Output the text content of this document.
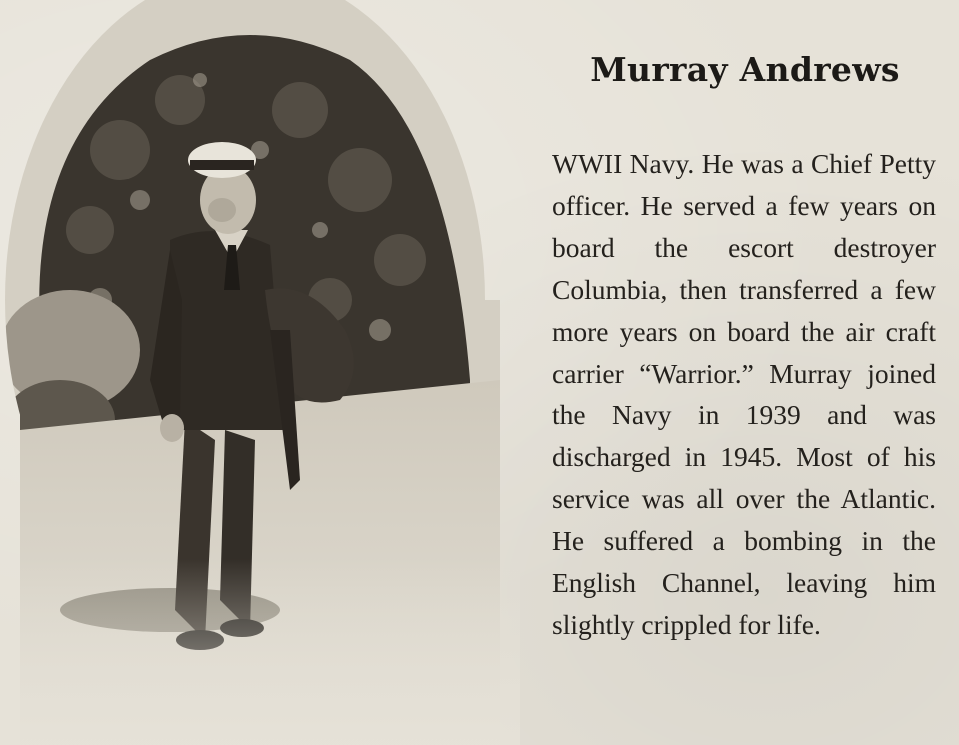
Murray Andrews

WWII Navy. He was a Chief Petty officer. He served a few years on board the escort destroyer Columbia, then transferred a few more years on board the air craft carrier “Warrior.” Murray joined the Navy in 1939 and was discharged in 1945. Most of his service was all over the Atlantic. He suffered a bombing in the English Channel, leaving him slightly crippled for life.
